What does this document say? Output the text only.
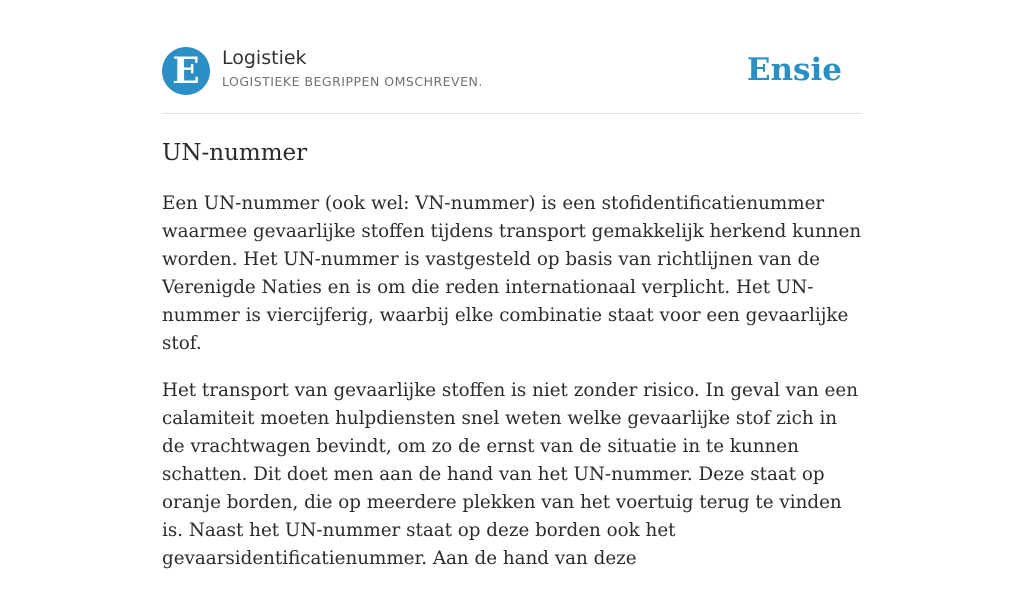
E	Logistiek
LOGISTIEKE BEGRIPPEN OMSCHREVEN.	Ensie
UN-nummer

Een UN-nummer (ook wel: VN-nummer) is een stofidentificatienummer waarmee gevaarlijke stoffen tijdens transport gemakkelijk herkend kunnen worden. Het UN-nummer is vastgesteld op basis van richtlijnen van de Verenigde Naties en is om die reden internationaal verplicht. Het UN-nummer is viercijferig, waarbij elke combinatie staat voor een gevaarlijke stof.

Het transport van gevaarlijke stoffen is niet zonder risico. In geval van een calamiteit moeten hulpdiensten snel weten welke gevaarlijke stof zich in de vrachtwagen bevindt, om zo de ernst van de situatie in te kunnen schatten. Dit doet men aan de hand van het UN-nummer. Deze staat op oranje borden, die op meerdere plekken van het voertuig terug te vinden is. Naast het UN-nummer staat op deze borden ook het gevaarsidentificatienummer. Aan de hand van deze
